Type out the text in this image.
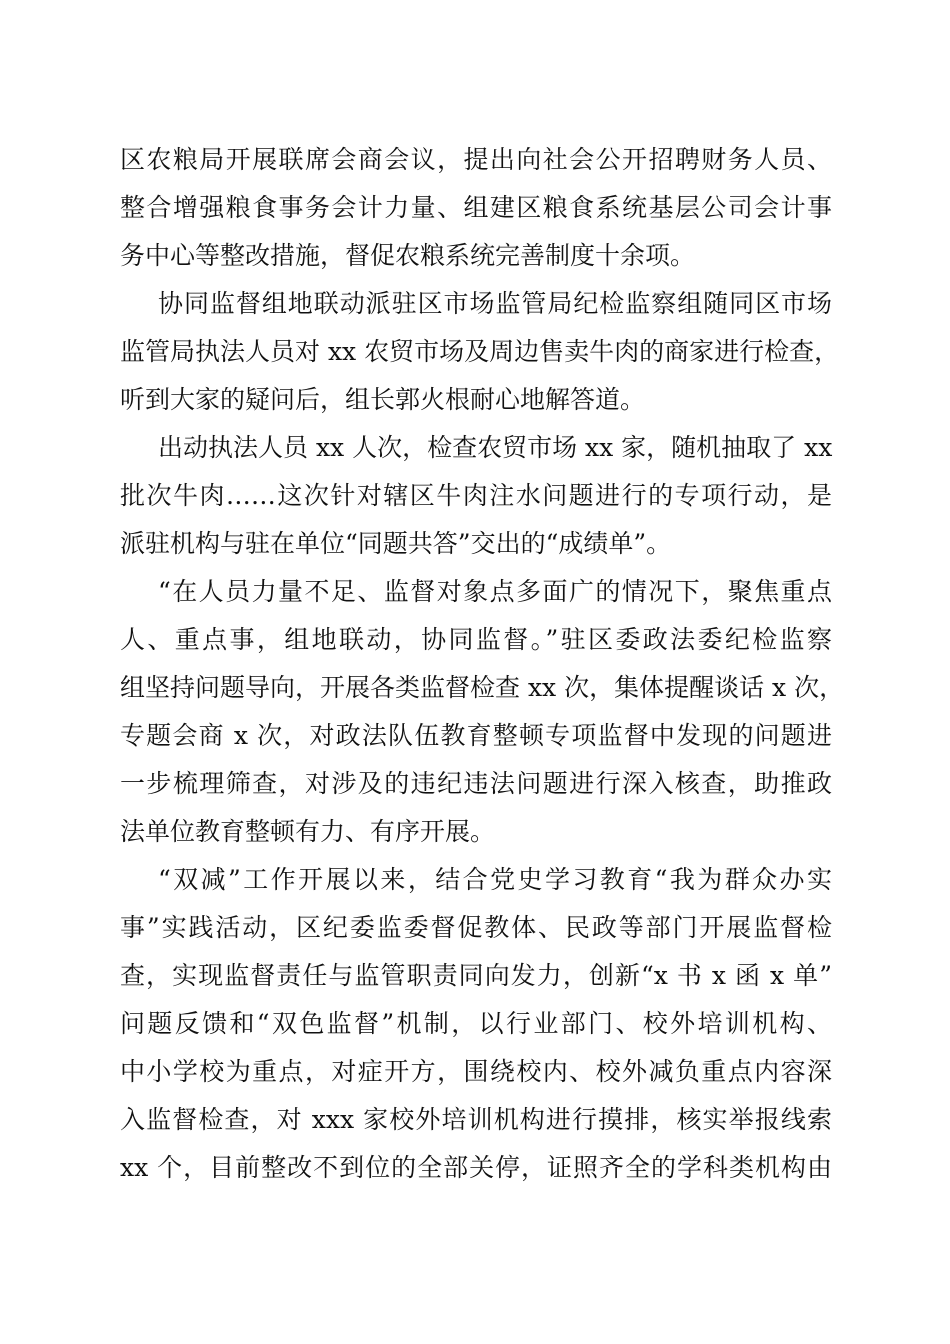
区农粮局开展联席会商会议，提出向社会公开招聘财务人员、
整合增强粮食事务会计力量、组建区粮食系统基层公司会计事
务中心等整改措施，督促农粮系统完善制度十余项。
协同监督组地联动派驻区市场监管局纪检监察组随同区市场
监管局执法人员对 xx 农贸市场及周边售卖牛肉的商家进行检查，
听到大家的疑问后，组长郭火根耐心地解答道。
出动执法人员 xx 人次，检查农贸市场 xx 家，随机抽取了 xx
批次牛肉……这次针对辖区牛肉注水问题进行的专项行动，是
派驻机构与驻在单位“同题共答”交出的“成绩单”。
“在人员力量不足、监督对象点多面广的情况下，聚焦重点
人、重点事，组地联动，协同监督。”驻区委政法委纪检监察
组坚持问题导向，开展各类监督检查 xx 次，集体提醒谈话 x 次，
专题会商 x 次，对政法队伍教育整顿专项监督中发现的问题进
一步梳理筛查，对涉及的违纪违法问题进行深入核查，助推政
法单位教育整顿有力、有序开展。
“双减”工作开展以来，结合党史学习教育“我为群众办实
事”实践活动，区纪委监委督促教体、民政等部门开展监督检
查，实现监督责任与监管职责同向发力，创新“x 书 x 函 x 单”
问题反馈和“双色监督”机制，以行业部门、校外培训机构、
中小学校为重点，对症开方，围绕校内、校外减负重点内容深
入监督检查，对 xxx 家校外培训机构进行摸排，核实举报线索
xx 个，目前整改不到位的全部关停，证照齐全的学科类机构由
